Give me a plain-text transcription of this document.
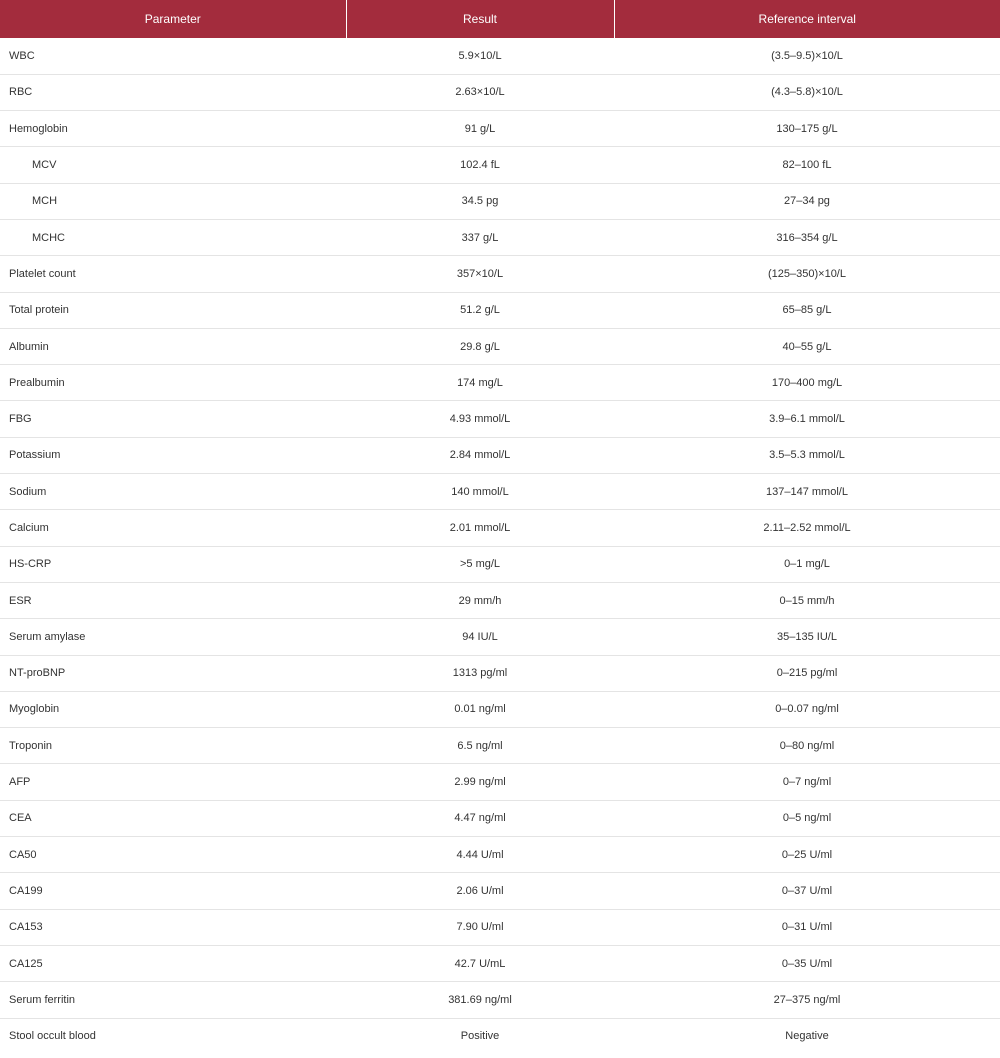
Parameter	Result	Reference interval
WBC	5.9×10/L	(3.5–9.5)×10/L
RBC	2.63×10/L	(4.3–5.8)×10/L
Hemoglobin	91 g/L	130–175 g/L
MCV	102.4 fL	82–100 fL
MCH	34.5 pg	27–34 pg
MCHC	337 g/L	316–354 g/L
Platelet count	357×10/L	(125–350)×10/L
Total protein	51.2 g/L	65–85 g/L
Albumin	29.8 g/L	40–55 g/L
Prealbumin	174 mg/L	170–400 mg/L
FBG	4.93 mmol/L	3.9–6.1 mmol/L
Potassium	2.84 mmol/L	3.5–5.3 mmol/L
Sodium	140 mmol/L	137–147 mmol/L
Calcium	2.01 mmol/L	2.11–2.52 mmol/L
HS-CRP	>5 mg/L	0–1 mg/L
ESR	29 mm/h	0–15 mm/h
Serum amylase	94 IU/L	35–135 IU/L
NT-proBNP	1313 pg/ml	0–215 pg/ml
Myoglobin	0.01 ng/ml	0–0.07 ng/ml
Troponin	6.5 ng/ml	0–80 ng/ml
AFP	2.99 ng/ml	0–7 ng/ml
CEA	4.47 ng/ml	0–5 ng/ml
CA50	4.44 U/ml	0–25 U/ml
CA199	2.06 U/ml	0–37 U/ml
CA153	7.90 U/ml	0–31 U/ml
CA125	42.7 U/mL	0–35 U/ml
Serum ferritin	381.69 ng/ml	27–375 ng/ml
Stool occult blood	Positive	Negative
